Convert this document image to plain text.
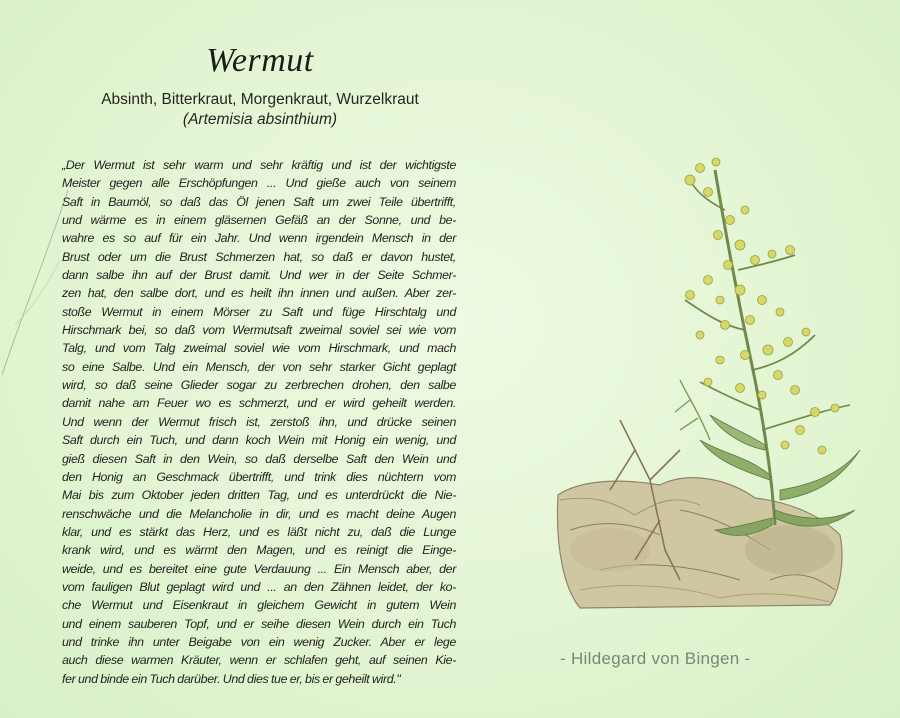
Wermut
Absinth, Bitterkraut, Morgenkraut, Wurzelkraut
(Artemisia absinthium)
„Der Wermut ist sehr warm und sehr kräftig und ist der wichtigste
Meister gegen alle Erschöpfungen ... Und gieße auch von seinem
Saft in Baumöl, so daß das Öl jenen Saft um zwei Teile übertrifft,
und wärme es in einem gläsernen Gefäß an der Sonne, und be-
wahre es so auf für ein Jahr. Und wenn irgendein Mensch in der
Brust oder um die Brust Schmerzen hat, so daß er davon hustet,
dann salbe ihn auf der Brust damit. Und wer in der Seite Schmer-
zen hat, den salbe dort, und es heilt ihn innen und außen. Aber zer-
stoße Wermut in einem Mörser zu Saft und füge Hirschtalg und
Hirschmark bei, so daß vom Wermutsaft zweimal soviel sei wie vom
Talg, und vom Talg zweimal soviel wie vom Hirschmark, und mach
so eine Salbe. Und ein Mensch, der von sehr starker Gicht geplagt
wird, so daß seine Glieder sogar zu zerbrechen drohen, den salbe
damit nahe am Feuer wo es schmerzt, und er wird geheilt werden.
Und wenn der Wermut frisch ist, zerstoß ihn, und drücke seinen
Saft durch ein Tuch, und dann koch Wein mit Honig ein wenig, und
gieß diesen Saft in den Wein, so daß derselbe Saft den Wein und
den Honig an Geschmack übertrifft, und trink dies nüchtern vom
Mai bis zum Oktober jeden dritten Tag, und es unterdrückt die Nie-
renschwäche und die Melancholie in dir, und es macht deine Augen
klar, und es stärkt das Herz, und es läßt nicht zu, daß die Lunge
krank wird, und es wärmt den Magen, und es reinigt die Einge-
weide, und es bereitet eine gute Verdauung ... Ein Mensch aber, der
vom fauligen Blut geplagt wird und ... an den Zähnen leidet, der ko-
che Wermut und Eisenkraut in gleichem Gewicht in gutem Wein
und einem sauberen Topf, und er seihe diesen Wein durch ein Tuch
und trinke ihn unter Beigabe von ein wenig Zucker. Aber er lege
auch diese warmen Kräuter, wenn er schlafen geht, auf seinen Kie-
fer und binde ein Tuch darüber. Und dies tue er, bis er geheilt wird."
- Hildegard von Bingen -
